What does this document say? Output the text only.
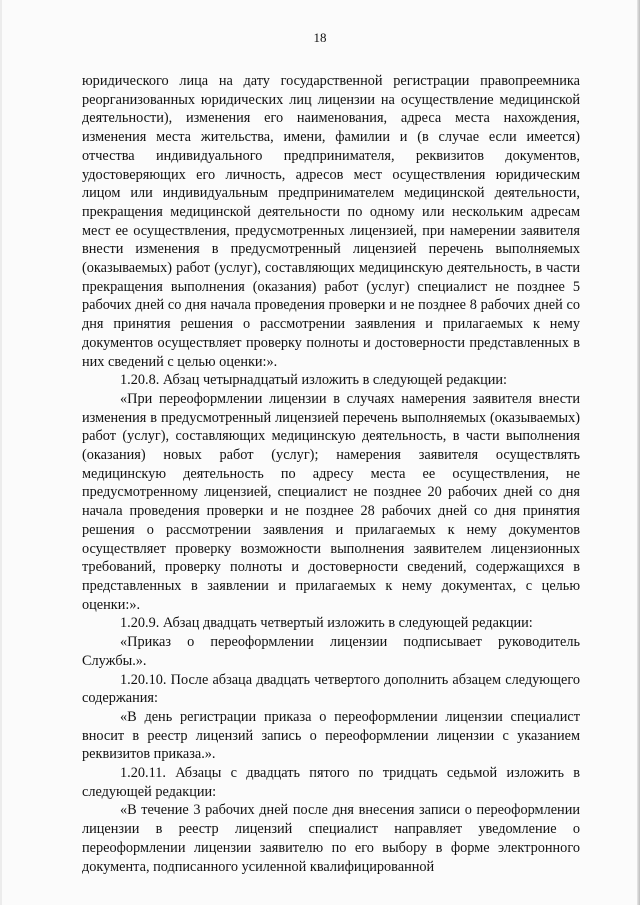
18

юридического лица на дату государственной регистрации правопреемника реорганизованных юридических лиц лицензии на осуществление медицинской деятельности), изменения его наименования, адреса места нахождения, изменения места жительства, имени, фамилии и (в случае если имеется) отчества индивидуального предпринимателя, реквизитов документов, удостоверяющих его личность, адресов мест осуществления юридическим лицом или индивидуальным предпринимателем медицинской деятельности, прекращения медицинской деятельности по одному или нескольким адресам мест ее осуществления, предусмотренных лицензией, при намерении заявителя внести изменения в предусмотренный лицензией перечень выполняемых (оказываемых) работ (услуг), составляющих медицинскую деятельность, в части прекращения выполнения (оказания) работ (услуг) специалист не позднее 5 рабочих дней со дня начала проведения проверки и не позднее 8 рабочих дней со дня принятия решения о рассмотрении заявления и прилагаемых к нему документов осуществляет проверку полноты и достоверности представленных в них сведений с целью оценки:».

1.20.8. Абзац четырнадцатый изложить в следующей редакции:

«При переоформлении лицензии в случаях намерения заявителя внести изменения в предусмотренный лицензией перечень выполняемых (оказываемых) работ (услуг), составляющих медицинскую деятельность, в части выполнения (оказания) новых работ (услуг); намерения заявителя осуществлять медицинскую деятельность по адресу места ее осуществления, не предусмотренному лицензией, специалист не позднее 20 рабочих дней со дня начала проведения проверки и не позднее 28 рабочих дней со дня принятия решения о рассмотрении заявления и прилагаемых к нему документов осуществляет проверку возможности выполнения заявителем лицензионных требований, проверку полноты и достоверности сведений, содержащихся в представленных в заявлении и прилагаемых к нему документах, с целью оценки:».

1.20.9. Абзац двадцать четвертый изложить в следующей редакции:

«Приказ о переоформлении лицензии подписывает руководитель Службы.».

1.20.10. После абзаца двадцать четвертого дополнить абзацем следующего содержания:

«В день регистрации приказа о переоформлении лицензии специалист вносит в реестр лицензий запись о переоформлении лицензии с указанием реквизитов приказа.».

1.20.11. Абзацы с двадцать пятого по тридцать седьмой изложить в следующей редакции:

«В течение 3 рабочих дней после дня внесения записи о переоформлении лицензии в реестр лицензий специалист направляет уведомление о переоформлении лицензии заявителю по его выбору в форме электронного документа, подписанного усиленной квалифицированной
